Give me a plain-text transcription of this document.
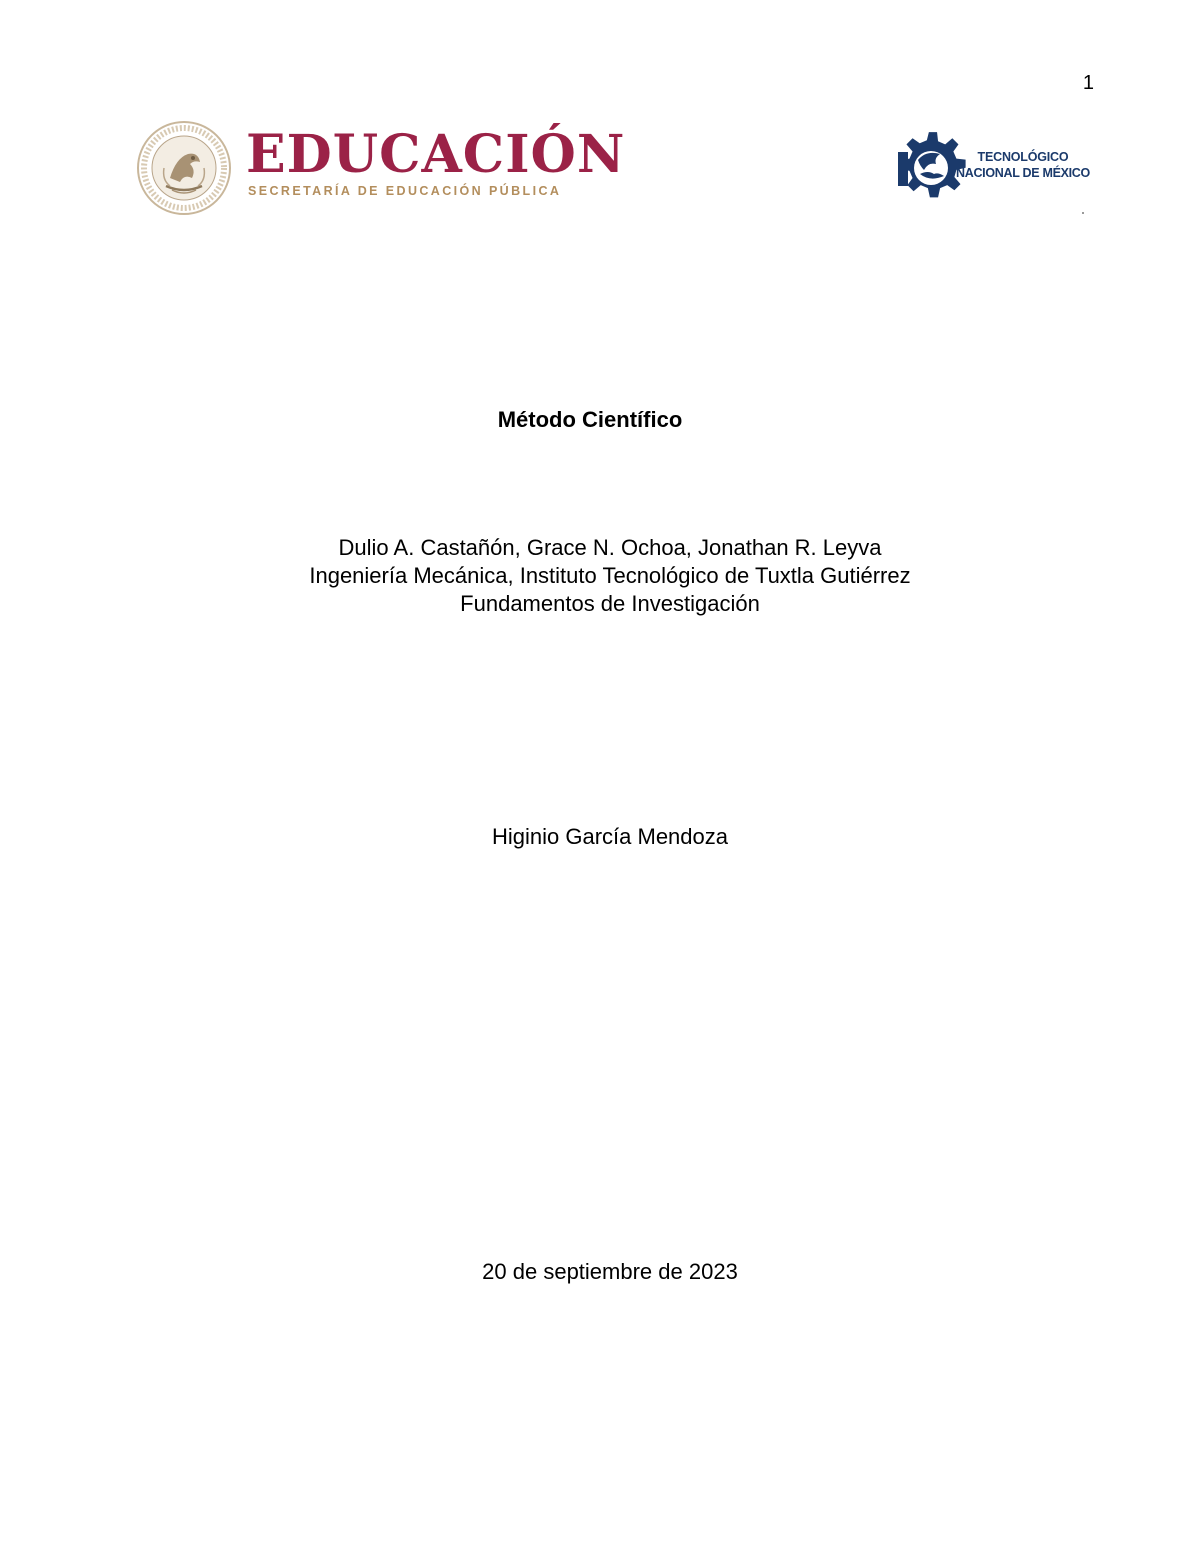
1
EDUCACIÓN
SECRETARÍA DE EDUCACIÓN PÚBLICA
TECNOLÓGICO
NACIONAL DE MÉXICO
Método Científico
Dulio A. Castañón, Grace N. Ochoa, Jonathan R. Leyva
Ingeniería Mecánica, Instituto Tecnológico de Tuxtla Gutiérrez
Fundamentos de Investigación
Higinio García Mendoza
20 de septiembre de 2023
